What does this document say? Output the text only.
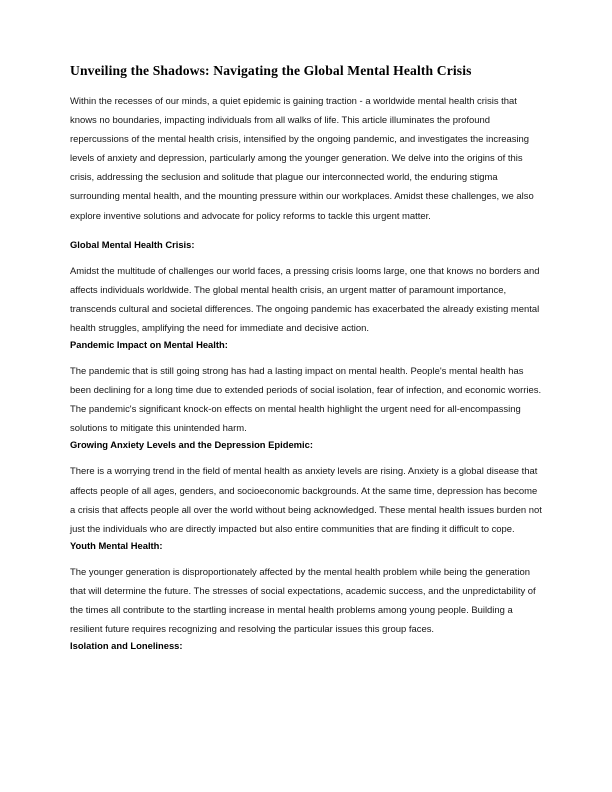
Unveiling the Shadows: Navigating the Global Mental Health Crisis

Within the recesses of our minds, a quiet epidemic is gaining traction - a worldwide mental health crisis that knows no boundaries, impacting individuals from all walks of life. This article illuminates the profound repercussions of the mental health crisis, intensified by the ongoing pandemic, and investigates the increasing levels of anxiety and depression, particularly among the younger generation. We delve into the origins of this crisis, addressing the seclusion and solitude that plague our interconnected world, the enduring stigma surrounding mental health, and the mounting pressure within our workplaces. Amidst these challenges, we also explore inventive solutions and advocate for policy reforms to tackle this urgent matter.

Global Mental Health Crisis:

Amidst the multitude of challenges our world faces, a pressing crisis looms large, one that knows no borders and affects individuals worldwide. The global mental health crisis, an urgent matter of paramount importance, transcends cultural and societal differences. The ongoing pandemic has exacerbated the already existing mental health struggles, amplifying the need for immediate and decisive action.

Pandemic Impact on Mental Health:

The pandemic that is still going strong has had a lasting impact on mental health. People's mental health has been declining for a long time due to extended periods of social isolation, fear of infection, and economic worries. The pandemic's significant knock-on effects on mental health highlight the urgent need for all-encompassing solutions to mitigate this unintended harm.

Growing Anxiety Levels and the Depression Epidemic:

There is a worrying trend in the field of mental health as anxiety levels are rising. Anxiety is a global disease that affects people of all ages, genders, and socioeconomic backgrounds. At the same time, depression has become a crisis that affects people all over the world without being acknowledged. These mental health issues burden not just the individuals who are directly impacted but also entire communities that are finding it difficult to cope.

Youth Mental Health:

The younger generation is disproportionately affected by the mental health problem while being the generation that will determine the future. The stresses of social expectations, academic success, and the unpredictability of the times all contribute to the startling increase in mental health problems among young people. Building a resilient future requires recognizing and resolving the particular issues this group faces.

Isolation and Loneliness:
